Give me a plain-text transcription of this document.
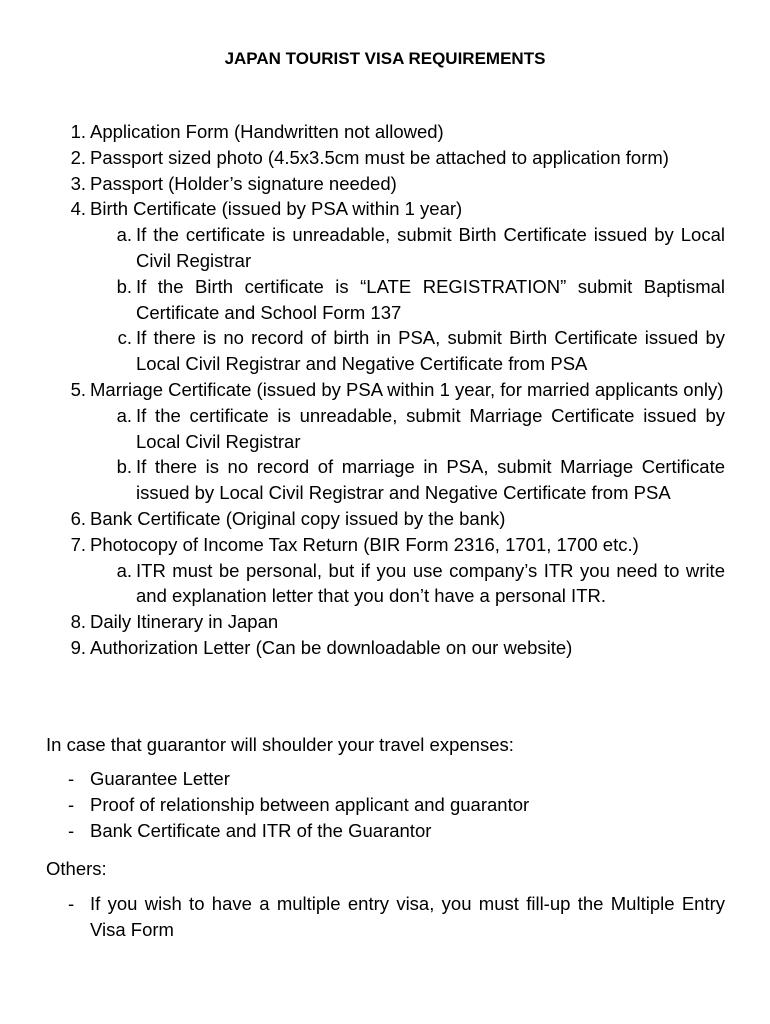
JAPAN TOURIST VISA REQUIREMENTS
1. Application Form (Handwritten not allowed)
2. Passport sized photo (4.5x3.5cm must be attached to application form)
3. Passport (Holder’s signature needed)
4. Birth Certificate (issued by PSA within 1 year)
a. If the certificate is unreadable, submit Birth Certificate issued by Local Civil Registrar
b. If the Birth certificate is “LATE REGISTRATION” submit Baptismal Certificate and School Form 137
c. If there is no record of birth in PSA, submit Birth Certificate issued by Local Civil Registrar and Negative Certificate from PSA
5. Marriage Certificate (issued by PSA within 1 year, for married applicants only)
a. If the certificate is unreadable, submit Marriage Certificate issued by Local Civil Registrar
b. If there is no record of marriage in PSA, submit Marriage Certificate issued by Local Civil Registrar and Negative Certificate from PSA
6. Bank Certificate (Original copy issued by the bank)
7. Photocopy of Income Tax Return (BIR Form 2316, 1701, 1700 etc.)
a. ITR must be personal, but if you use company’s ITR you need to write and explanation letter that you don’t have a personal ITR.
8. Daily Itinerary in Japan
9. Authorization Letter (Can be downloadable on our website)
In case that guarantor will shoulder your travel expenses:
- Guarantee Letter
- Proof of relationship between applicant and guarantor
- Bank Certificate and ITR of the Guarantor
Others:
- If you wish to have a multiple entry visa, you must fill-up the Multiple Entry Visa Form
